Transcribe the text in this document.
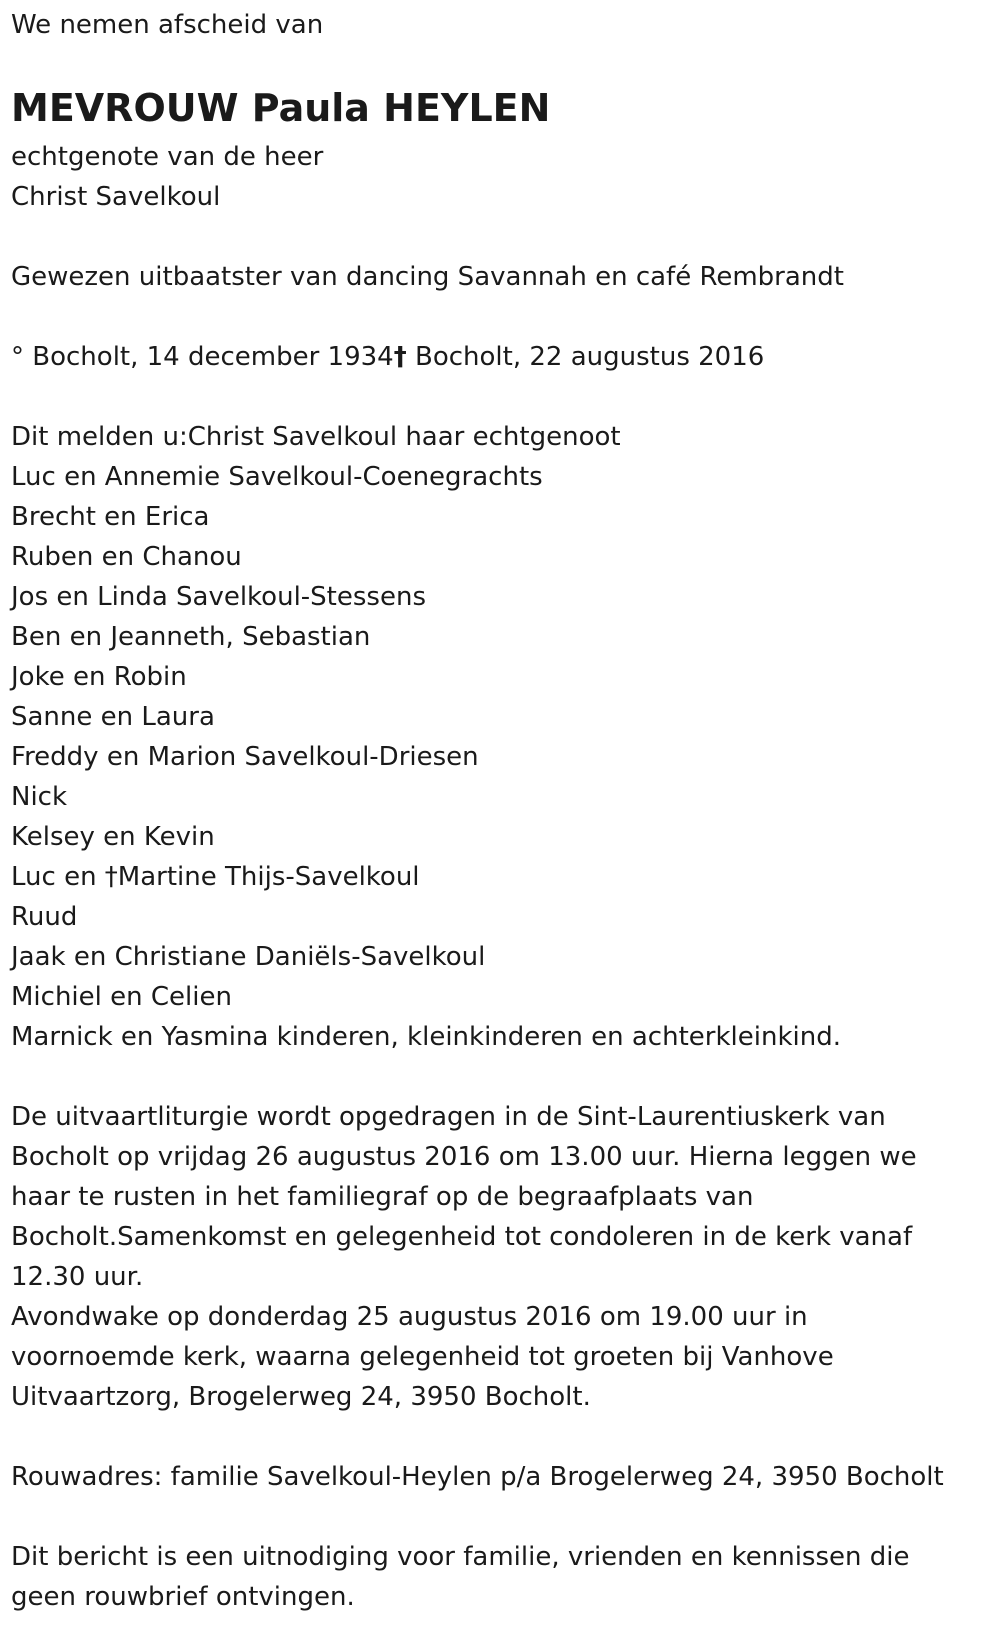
We nemen afscheid van

MEVROUW Paula HEYLEN

echtgenote van de heer

Christ Savelkoul

Gewezen uitbaatster van dancing Savannah en café Rembrandt

° Bocholt, 14 december 1934† Bocholt, 22 augustus 2016

Dit melden u:Christ Savelkoul haar echtgenoot

Luc en Annemie Savelkoul-Coenegrachts

Brecht en Erica

Ruben en Chanou

Jos en Linda Savelkoul-Stessens

Ben en Jeanneth, Sebastian

Joke en Robin

Sanne en Laura

Freddy en Marion Savelkoul-Driesen

Nick

Kelsey en Kevin

Luc en †Martine Thijs-Savelkoul

Ruud

Jaak en Christiane Daniëls-Savelkoul

Michiel en Celien

Marnick en Yasmina kinderen, kleinkinderen en achterkleinkind.

De uitvaartliturgie wordt opgedragen in de Sint-Laurentiuskerk van

Bocholt op vrijdag 26 augustus 2016 om 13.00 uur. Hierna leggen we

haar te rusten in het familiegraf op de begraafplaats van

Bocholt.Samenkomst en gelegenheid tot condoleren in de kerk vanaf

12.30 uur.

Avondwake op donderdag 25 augustus 2016 om 19.00 uur in

voornoemde kerk, waarna gelegenheid tot groeten bij Vanhove

Uitvaartzorg, Brogelerweg 24, 3950 Bocholt.

Rouwadres: familie Savelkoul-Heylen p/a Brogelerweg 24, 3950 Bocholt

Dit bericht is een uitnodiging voor familie, vrienden en kennissen die

geen rouwbrief ontvingen.
